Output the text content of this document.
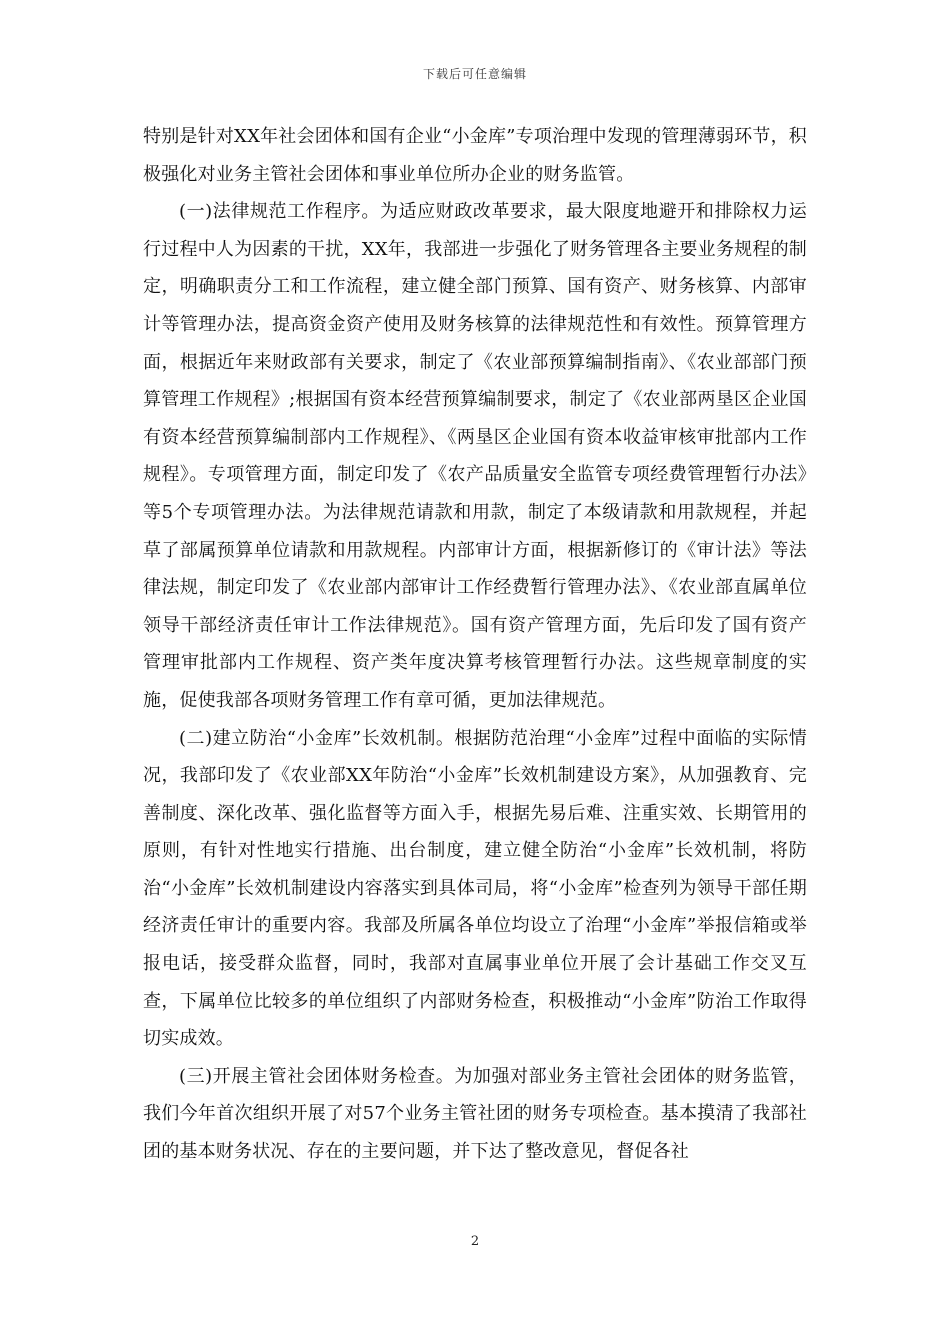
下载后可任意编辑

特别是针对XX年社会团体和国有企业“小金库”专项治理中发现的管理薄弱环节，积极强化对业务主管社会团体和事业单位所办企业的财务监管。

(一)法律规范工作程序。为适应财政改革要求，最大限度地避开和排除权力运行过程中人为因素的干扰，XX年，我部进一步强化了财务管理各主要业务规程的制定，明确职责分工和工作流程，建立健全部门预算、国有资产、财务核算、内部审计等管理办法，提高资金资产使用及财务核算的法律规范性和有效性。预算管理方面，根据近年来财政部有关要求，制定了《农业部预算编制指南》、《农业部部门预算管理工作规程》;根据国有资本经营预算编制要求，制定了《农业部两垦区企业国有资本经营预算编制部内工作规程》、《两垦区企业国有资本收益审核审批部内工作规程》。专项管理方面，制定印发了《农产品质量安全监管专项经费管理暂行办法》等5个专项管理办法。为法律规范请款和用款，制定了本级请款和用款规程，并起草了部属预算单位请款和用款规程。内部审计方面，根据新修订的《审计法》等法律法规，制定印发了《农业部内部审计工作经费暂行管理办法》、《农业部直属单位领导干部经济责任审计工作法律规范》。国有资产管理方面，先后印发了国有资产管理审批部内工作规程、资产类年度决算考核管理暂行办法。这些规章制度的实施，促使我部各项财务管理工作有章可循，更加法律规范。

(二)建立防治“小金库”长效机制。根据防范治理“小金库”过程中面临的实际情况，我部印发了《农业部XX年防治“小金库”长效机制建设方案》，从加强教育、完善制度、深化改革、强化监督等方面入手，根据先易后难、注重实效、长期管用的原则，有针对性地实行措施、出台制度，建立健全防治“小金库”长效机制，将防治“小金库”长效机制建设内容落实到具体司局，将“小金库”检查列为领导干部任期经济责任审计的重要内容。我部及所属各单位均设立了治理“小金库”举报信箱或举报电话，接受群众监督，同时，我部对直属事业单位开展了会计基础工作交叉互查，下属单位比较多的单位组织了内部财务检查，积极推动“小金库”防治工作取得切实成效。

(三)开展主管社会团体财务检查。为加强对部业务主管社会团体的财务监管，我们今年首次组织开展了对57个业务主管社团的财务专项检查。基本摸清了我部社团的基本财务状况、存在的主要问题，并下达了整改意见，督促各社

2
